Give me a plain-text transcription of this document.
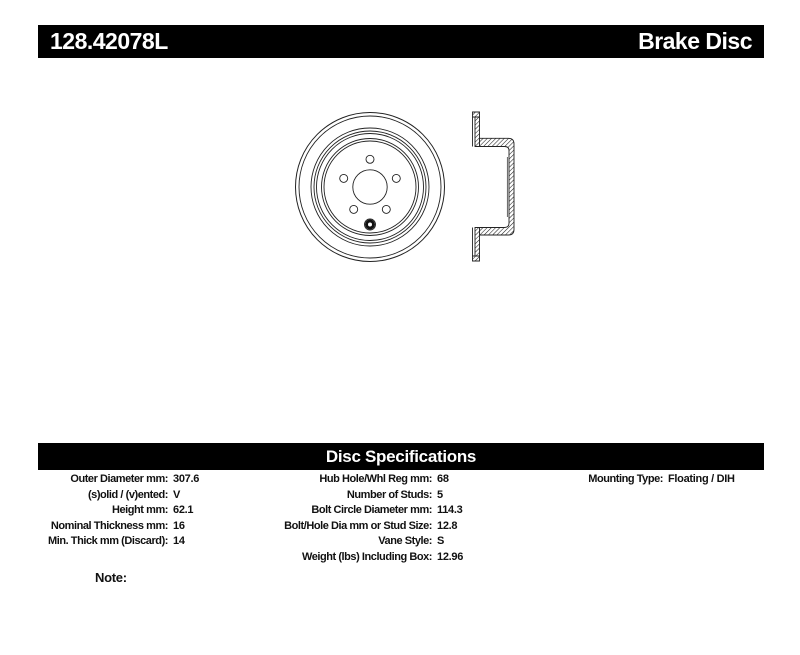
128.42078L	Brake Disc
Disc Specifications
Outer Diameter mm: 307.6
(s)olid / (v)ented: V
Height mm: 62.1
Nominal Thickness mm: 16
Min. Thick mm (Discard): 14
Hub Hole/Whl Reg mm: 68
Number of Studs: 5
Bolt Circle Diameter mm: 114.3
Bolt/Hole Dia mm or Stud Size: 12.8
Vane Style: S
Weight (lbs) Including Box: 12.96
Mounting Type: Floating / DIH
Note:
